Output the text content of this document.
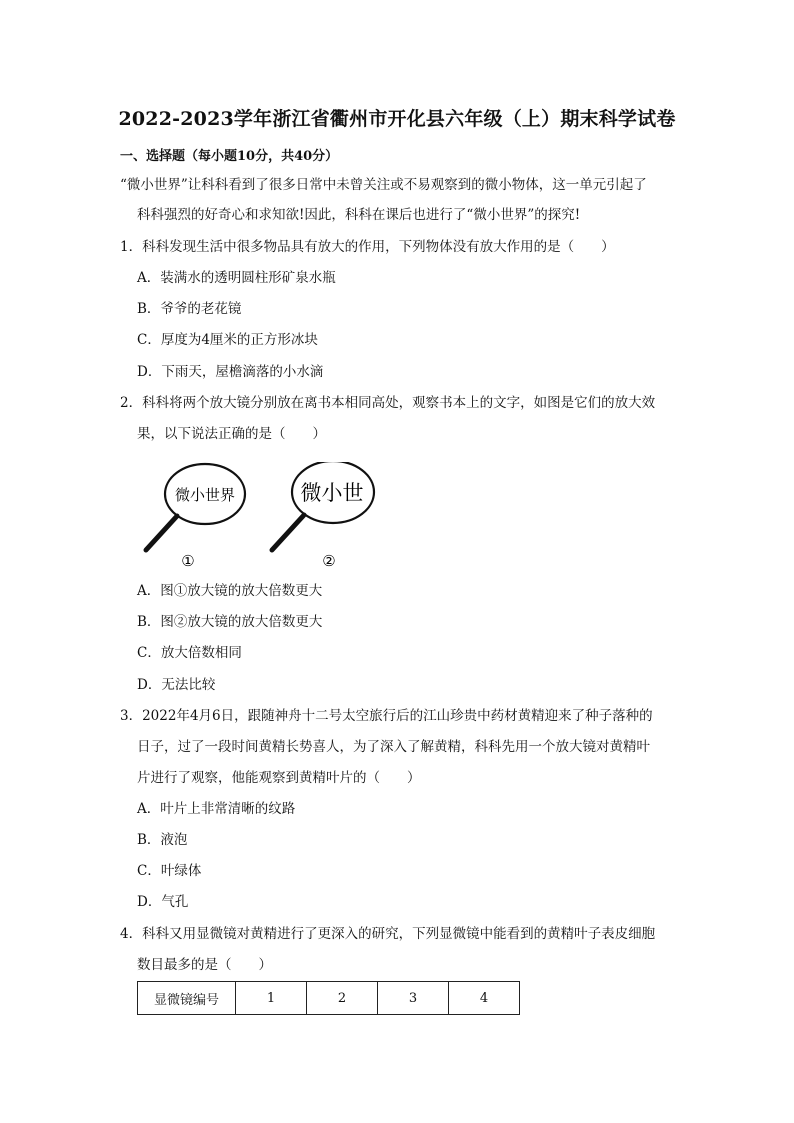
2022-2023学年浙江省衢州市开化县六年级（上）期末科学试卷
一、选择题（每小题10分，共40分）
“微小世界”让科科看到了很多日常中未曾关注或不易观察到的微小物体，这一单元引起了
科科强烈的好奇心和求知欲!因此，科科在课后也进行了“微小世界”的探究!
1．科科发现生活中很多物品具有放大的作用，下列物体没有放大作用的是（　　）
A．装满水的透明圆柱形矿泉水瓶
B．爷爷的老花镜
C．厚度为4厘米的正方形冰块
D．下雨天，屋檐滴落的小水滴
2．科科将两个放大镜分别放在离书本相同高处，观察书本上的文字，如图是它们的放大效
果，以下说法正确的是（　　）
微小世界
①
微小世
②
A．图①放大镜的放大倍数更大
B．图②放大镜的放大倍数更大
C．放大倍数相同
D．无法比较
3．2022年4月6日，跟随神舟十二号太空旅行后的江山珍贵中药材黄精迎来了种子落种的
日子，过了一段时间黄精长势喜人，为了深入了解黄精，科科先用一个放大镜对黄精叶
片进行了观察，他能观察到黄精叶片的（　　）
A．叶片上非常清晰的纹路
B．液泡
C．叶绿体
D．气孔
4．科科又用显微镜对黄精进行了更深入的研究，下列显微镜中能看到的黄精叶子表皮细胞
数目最多的是（　　）
显微镜编号	1	2	3	4
